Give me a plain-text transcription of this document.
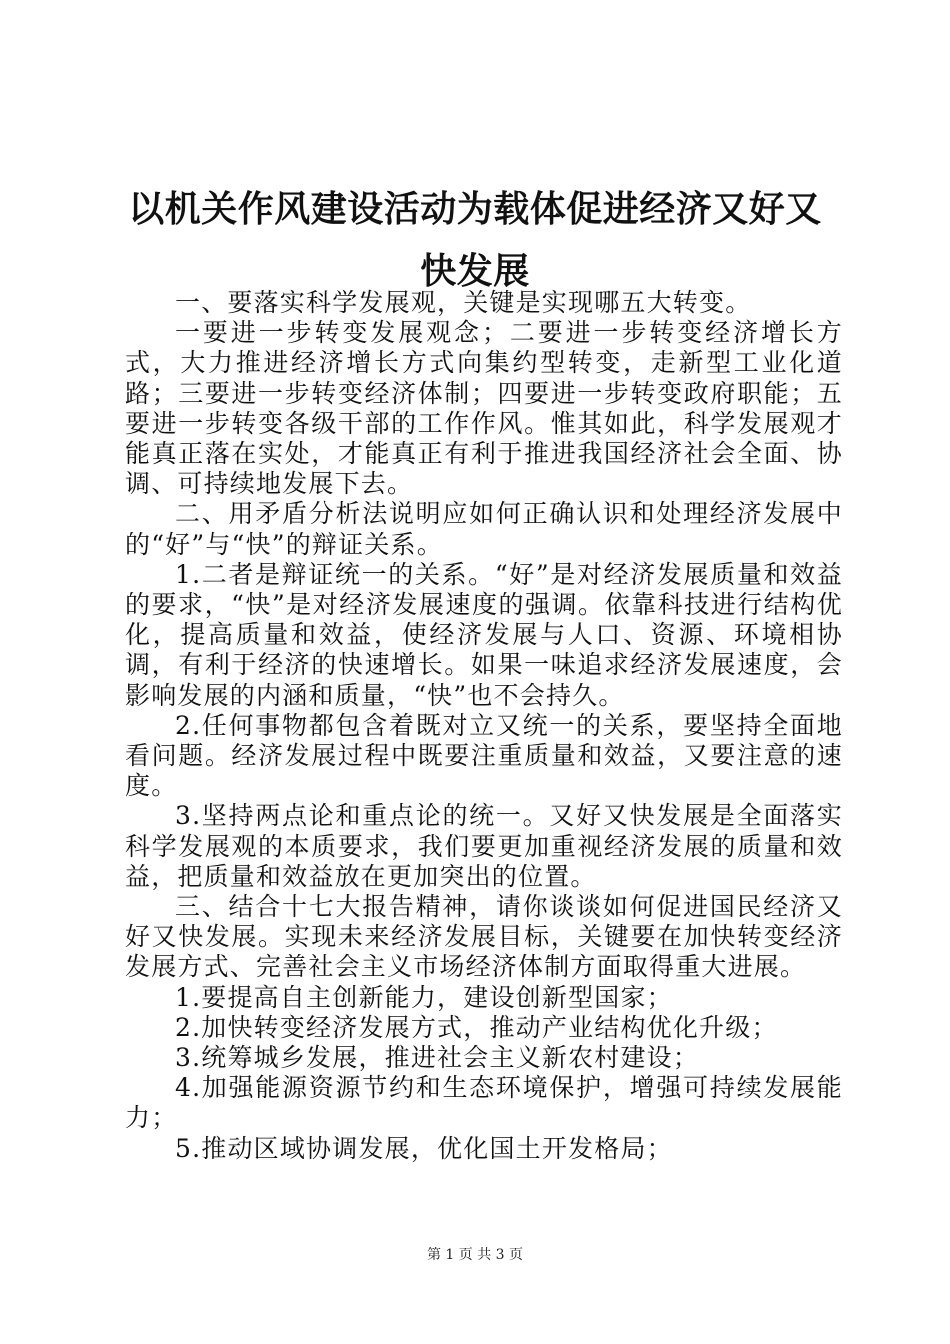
以机关作风建设活动为载体促进经济又好又快发展

一、要落实科学发展观，关键是实现哪五大转变。

一要进一步转变发展观念；二要进一步转变经济增长方式，大力推进经济增长方式向集约型转变，走新型工业化道路；三要进一步转变经济体制；四要进一步转变政府职能；五要进一步转变各级干部的工作作风。惟其如此，科学发展观才能真正落在实处，才能真正有利于推进我国经济社会全面、协调、可持续地发展下去。

二、用矛盾分析法说明应如何正确认识和处理经济发展中的“好”与“快”的辩证关系。

1.二者是辩证统一的关系。“好”是对经济发展质量和效益的要求，“快”是对经济发展速度的强调。依靠科技进行结构优化，提高质量和效益，使经济发展与人口、资源、环境相协调，有利于经济的快速增长。如果一味追求经济发展速度，会影响发展的内涵和质量，“快”也不会持久。

2.任何事物都包含着既对立又统一的关系，要坚持全面地看问题。经济发展过程中既要注重质量和效益，又要注意的速度。

3.坚持两点论和重点论的统一。又好又快发展是全面落实科学发展观的本质要求，我们要更加重视经济发展的质量和效益，把质量和效益放在更加突出的位置。

三、结合十七大报告精神，请你谈谈如何促进国民经济又好又快发展。实现未来经济发展目标，关键要在加快转变经济发展方式、完善社会主义市场经济体制方面取得重大进展。

1.要提高自主创新能力，建设创新型国家；

2.加快转变经济发展方式，推动产业结构优化升级；

3.统筹城乡发展，推进社会主义新农村建设；

4.加强能源资源节约和生态环境保护，增强可持续发展能力；

5.推动区域协调发展，优化国土开发格局；

第 1 页 共 3 页
